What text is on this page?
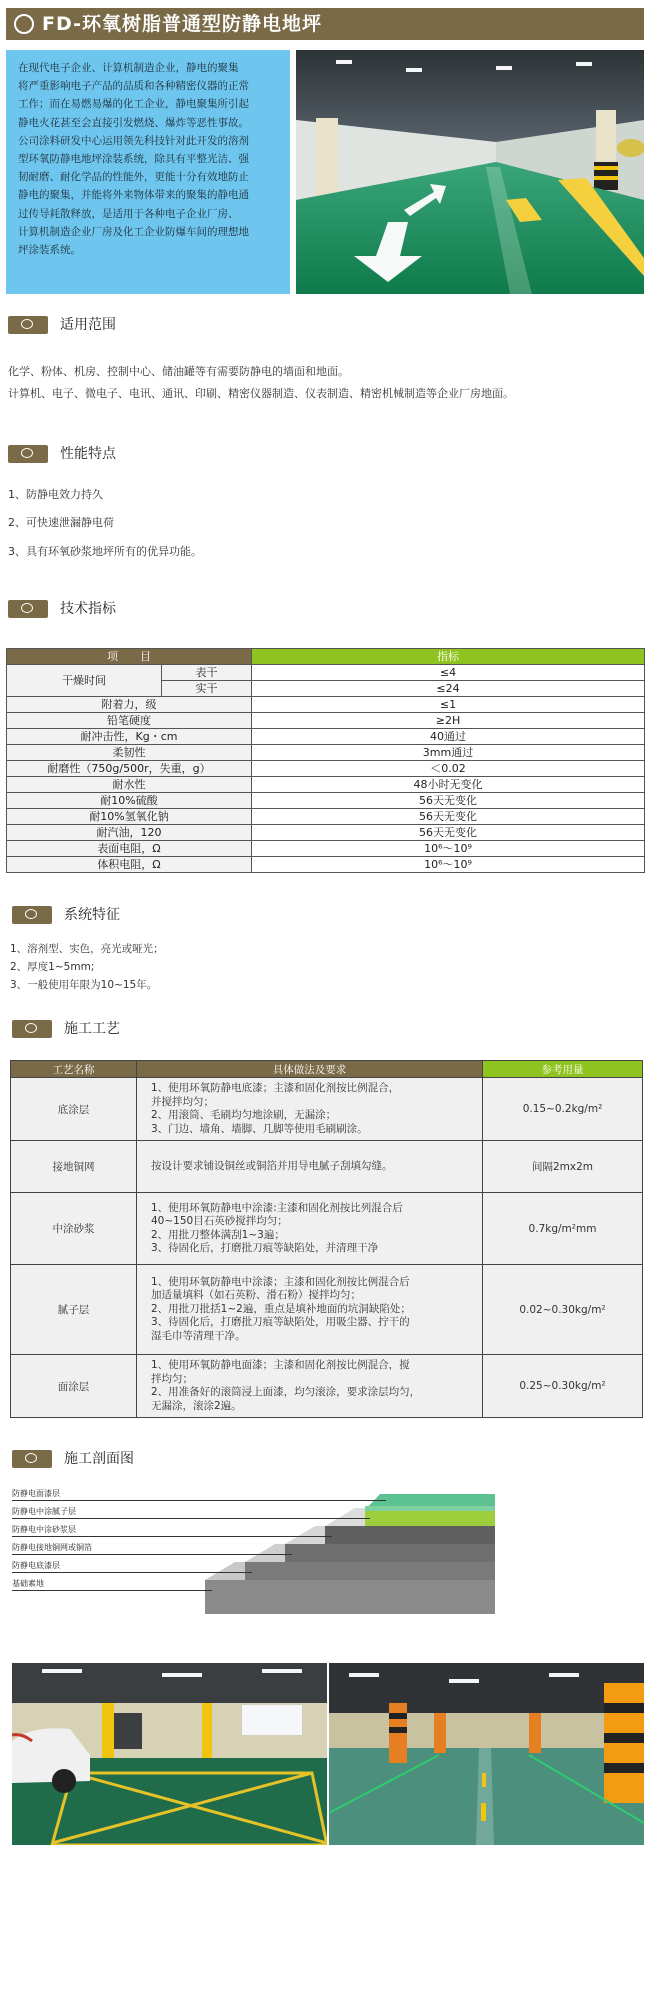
FD-环氧树脂普通型防静电地坪
在现代电子企业、计算机制造企业，静电的聚集
将严重影响电子产品的品质和各种精密仪器的正常
工作；而在易燃易爆的化工企业，静电聚集所引起
静电火花甚至会直接引发燃烧、爆炸等恶性事故。
公司涂料研发中心运用领先科技针对此开发的溶剂
型环氧防静电地坪涂装系统，除具有平整光洁、强
韧耐磨、耐化学品的性能外，更能十分有效地防止
静电的聚集，并能将外来物体带来的聚集的静电通
过传导耗散释放，是适用于各种电子企业厂房、
计算机制造企业厂房及化工企业防爆车间的理想地
坪涂装系统。
适用范围
化学、粉体、机房、控制中心、储油罐等有需要防静电的墙面和地面。
计算机、电子、微电子、电讯、通讯、印刷、精密仪器制造、仪表制造、精密机械制造等企业厂房地面。
性能特点
1、防静电效力持久
2、可快速泄漏静电荷
3、具有环氧砂浆地坪所有的优异功能。
技术指标
项　　目		指标
干燥时间	表干	≤4
	实干	≤24
附着力，级		≤1
铅笔硬度		≥2H
耐冲击性，Kg・cm		40通过
柔韧性		3mm通过
耐磨性（750g/500r，失重，g）		＜0.02
耐水性		48小时无变化
耐10%硫酸		56天无变化
耐10%氢氧化钠		56天无变化
耐汽油，120		56天无变化
表面电阻，Ω		10⁶～10⁹
体积电阻，Ω		10⁶～10⁹
系统特征
1、溶剂型、实色，亮光或哑光；
2、厚度1~5mm;
3、一般使用年限为10~15年。
施工工艺
工艺名称	具体做法及要求	参考用量
底涂层	1、使用环氧防静电底漆；主漆和固化剂按比例混合，
并搅拌均匀；
2、用滚筒、毛刷均匀地涂刷，无漏涂；
3、门边、墙角、墙脚、几脚等使用毛刷刷涂。	0.15~0.2kg/m²
接地铜网	按设计要求铺设铜丝或铜箔并用导电腻子刮填勾缝。	间隔2mx2m
中涂砂浆	1、使用环氧防静电中涂漆:主漆和固化剂按比列混合后
40~150目石英砂搅拌均匀；
2、用批刀整体满刮1~3遍；
3、待固化后，打磨批刀痕等缺陷处，并清理干净	0.7kg/m²mm
腻子层	1、使用环氧防静电中涂漆；主漆和固化剂按比例混合后
加适量填料（如石英粉、滑石粉）搅拌均匀；
2、用批刀批括1~2遍，重点是填补地面的坑洞缺陷处；
3、待固化后，打磨批刀痕等缺陷处，用吸尘器、拧干的
湿毛巾等清理干净。	0.02~0.30kg/m²
面涂层	1、使用环氧防静电面漆；主漆和固化剂按比例混合，搅
拌均匀；
2、用准备好的滚筒浸上面漆，均匀滚涂，要求涂层均匀，
无漏涂，滚涂2遍。	0.25~0.30kg/m²
施工剖面图
防静电面漆层
防静电中涂腻子层
防静电中涂砂浆层
防静电接地铜网或铜箔
防静电底漆层
基础素地
